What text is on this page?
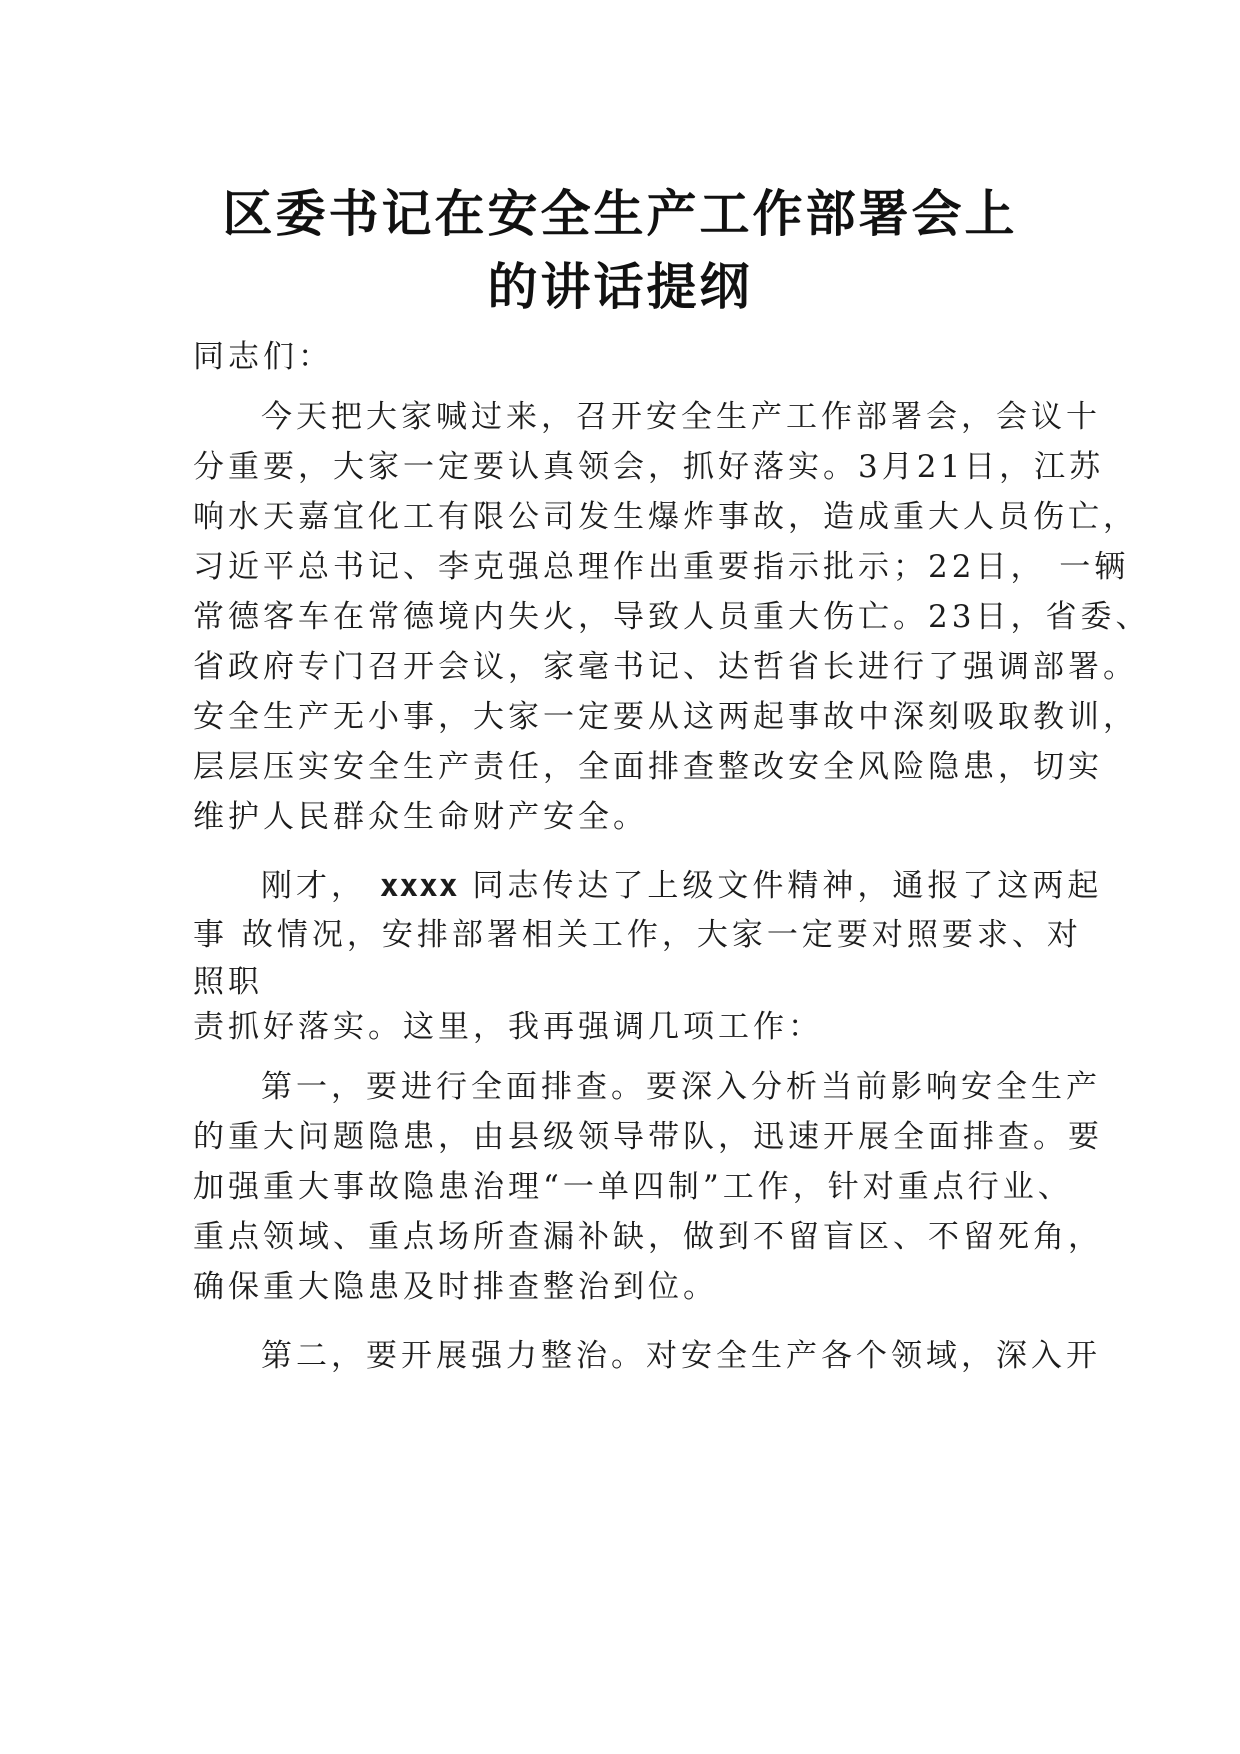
区委书记在安全生产工作部署会上
的讲话提纲
同志们：
今天把大家喊过来，召开安全生产工作部署会，会议十
分重要，大家一定要认真领会，抓好落实。3月21日，江苏
响水天嘉宜化工有限公司发生爆炸事故，造成重大人员伤亡，
习近平总书记、李克强总理作出重要指示批示；22日， 一辆
常德客车在常德境内失火，导致人员重大伤亡。23日，省委、
省政府专门召开会议，家毫书记、达哲省长进行了强调部署。
安全生产无小事，大家一定要从这两起事故中深刻吸取教训，
层层压实安全生产责任，全面排查整改安全风险隐患，切实
维护人民群众生命财产安全。
刚才， xxxx 同志传达了上级文件精神，通报了这两起
事 故情况，安排部署相关工作，大家一定要对照要求、对
照职
责抓好落实。这里，我再强调几项工作：
第一，要进行全面排查。要深入分析当前影响安全生产
的重大问题隐患，由县级领导带队，迅速开展全面排查。要
加强重大事故隐患治理“一单四制”工作，针对重点行业、
重点领域、重点场所查漏补缺，做到不留盲区、不留死角，
确保重大隐患及时排查整治到位。
第二，要开展强力整治。对安全生产各个领域，深入开
